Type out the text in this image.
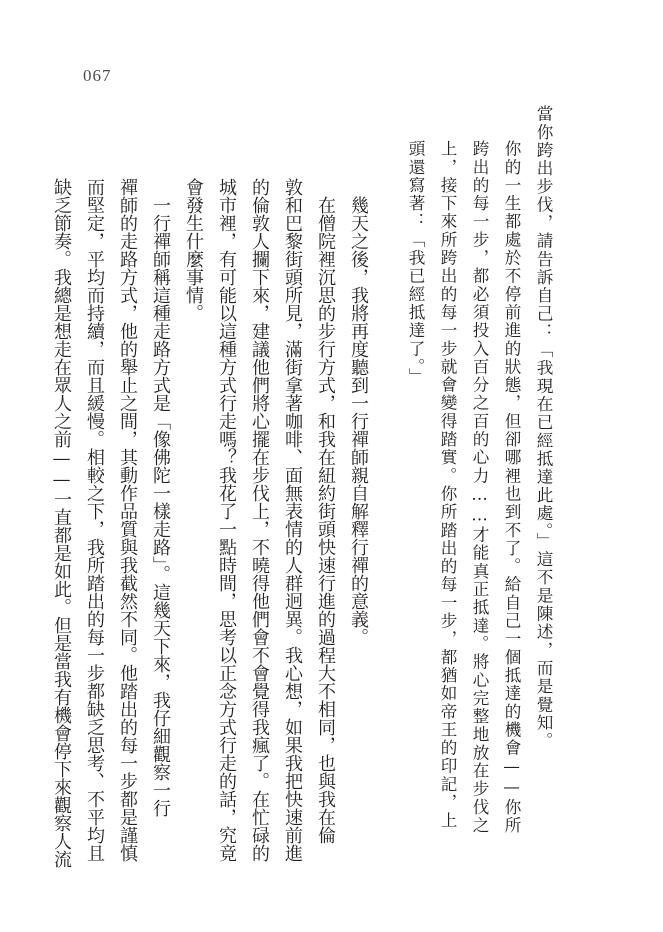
067
當你跨出步伐，請告訴自己：「我現在已經抵達此處。」這不是陳述，而是覺知。
你的一生都處於不停前進的狀態，但卻哪裡也到不了。給自己一個抵達的機會——你所
跨出的每一步，都必須投入百分之百的心力……才能真正抵達。將心完整地放在步伐之
上，接下來所跨出的每一步就會變得踏實。你所踏出的每一步，都猶如帝王的印記，上
頭還寫著：「我已經抵達了。」
幾天之後，我將再度聽到一行禪師親自解釋行禪的意義。
在僧院裡沉思的步行方式，和我在紐約街頭快速行進的過程大不相同，也與我在倫
敦和巴黎街頭所見，滿街拿著咖啡、面無表情的人群迥異。我心想，如果我把快速前進
的倫敦人攔下來，建議他們將心擺在步伐上，不曉得他們會不會覺得我瘋了。在忙碌的
城市裡，有可能以這種方式行走嗎？我花了一點時間，思考以正念方式行走的話，究竟
會發生什麼事情。
一行禪師稱這種走路方式是「像佛陀一樣走路」。這幾天下來，我仔細觀察一行
禪師的走路方式，他的舉止之間，其動作品質與我截然不同。他踏出的每一步都是謹慎
而堅定，平均而持續，而且緩慢。相較之下，我所踏出的每一步都缺乏思考、不平均且
缺乏節奏。我總是想走在眾人之前——一直都是如此。但是當我有機會停下來觀察人流
